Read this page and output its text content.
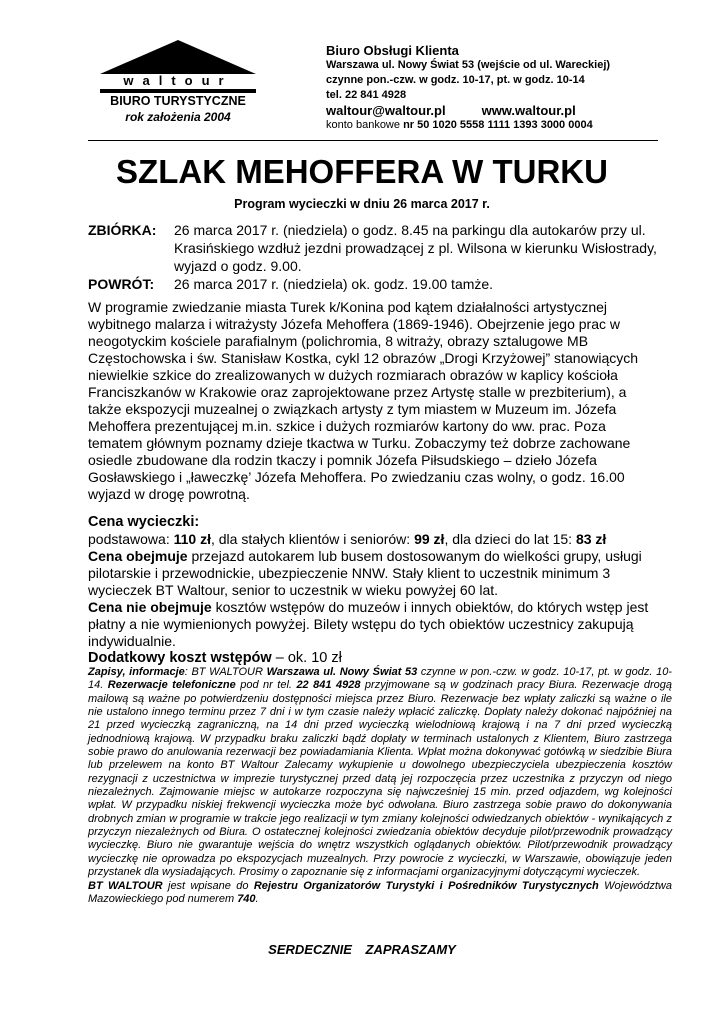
waltour
BIURO TURYSTYCZNE
rok założenia 2004
Biuro Obsługi Klienta
Warszawa ul. Nowy Świat 53 (wejście od ul. Wareckiej)
czynne pon.-czw. w godz. 10-17, pt. w godz. 10-14
tel. 22 841 4928
waltour@waltour.pl	www.waltour.pl
konto bankowe nr 50 1020 5558 1111 1393 3000 0004
SZLAK MEHOFFERA W TURKU
Program wycieczki w dniu 26 marca 2017 r.
ZBIÓRKA:	26 marca 2017 r. (niedziela) o godz. 8.45 na parkingu dla autokarów przy ul. Krasińskiego wzdłuż jezdni prowadzącej z pl. Wilsona w kierunku Wisłostrady, wyjazd o godz. 9.00.
POWRÓT:	26 marca 2017 r. (niedziela) ok. godz. 19.00 tamże.
W programie zwiedzanie miasta Turek k/Konina pod kątem działalności artystycznej wybitnego malarza i witrażysty Józefa Mehoffera (1869-1946). Obejrzenie jego prac w neogotyckim kościele parafialnym (polichromia, 8 witraży, obrazy sztalugowe MB Częstochowska i św. Stanisław Kostka, cykl 12 obrazów „Drogi Krzyżowej” stanowiących niewielkie szkice do zrealizowanych w dużych rozmiarach obrazów w kaplicy kościoła Franciszkanów w Krakowie oraz zaprojektowane przez Artystę stalle w prezbiterium), a także ekspozycji muzealnej o związkach artysty z tym miastem w Muzeum im. Józefa Mehoffera prezentującej m.in. szkice i dużych rozmiarów kartony do ww. prac. Poza tematem głównym poznamy dzieje tkactwa w Turku. Zobaczymy też dobrze zachowane osiedle zbudowane dla rodzin tkaczy i pomnik Józefa Piłsudskiego – dzieło Józefa Gosławskiego i „ławeczkę’ Józefa Mehoffera. Po zwiedzaniu czas wolny, o godz. 16.00 wyjazd w drogę powrotną.
Cena wycieczki:
podstawowa: 110 zł, dla stałych klientów i seniorów: 99 zł, dla dzieci do lat 15: 83 zł
Cena obejmuje przejazd autokarem lub busem dostosowanym do wielkości grupy, usługi pilotarskie i przewodnickie, ubezpieczenie NNW. Stały klient to uczestnik minimum 3 wycieczek BT Waltour, senior to uczestnik w wieku powyżej 60 lat.
Cena nie obejmuje kosztów wstępów do muzeów i innych obiektów, do których wstęp jest płatny a nie wymienionych powyżej. Bilety wstępu do tych obiektów uczestnicy zakupują indywidualnie.
Dodatkowy koszt wstępów – ok. 10 zł
Zapisy, informacje: BT WALTOUR Warszawa ul. Nowy Świat 53 czynne w pon.-czw. w godz. 10-17, pt. w godz. 10-14. Rezerwacje telefoniczne pod nr tel. 22 841 4928 przyjmowane są w godzinach pracy Biura. Rezerwacje drogą mailową są ważne po potwierdzeniu dostępności miejsca przez Biuro. Rezerwacje bez wpłaty zaliczki są ważne o ile nie ustalono innego terminu przez 7 dni i w tym czasie należy wpłacić zaliczkę. Dopłaty należy dokonać najpóźniej na 21 przed wycieczką zagraniczną, na 14 dni przed wycieczką wielodniową krajową i na 7 dni przed wycieczką jednodniową krajową. W przypadku braku zaliczki bądź dopłaty w terminach ustalonych z Klientem, Biuro zastrzega sobie prawo do anulowania rezerwacji bez powiadamiania Klienta. Wpłat można dokonywać gotówką w siedzibie Biura lub przelewem na konto BT Waltour Zalecamy wykupienie u dowolnego ubezpieczyciela ubezpieczenia kosztów rezygnacji z uczestnictwa w imprezie turystycznej przed datą jej rozpoczęcia przez uczestnika z przyczyn od niego niezależnych. Zajmowanie miejsc w autokarze rozpoczyna się najwcześniej 15 min. przed odjazdem, wg kolejności wpłat. W przypadku niskiej frekwencji wycieczka może być odwołana. Biuro zastrzega sobie prawo do dokonywania drobnych zmian w programie w trakcie jego realizacji w tym zmiany kolejności odwiedzanych obiektów - wynikających z przyczyn niezależnych od Biura. O ostatecznej kolejności zwiedzania obiektów decyduje pilot/przewodnik prowadzący wycieczkę. Biuro nie gwarantuje wejścia do wnętrz wszystkich oglądanych obiektów. Pilot/przewodnik prowadzący wycieczkę nie oprowadza po ekspozycjach muzealnych. Przy powrocie z wycieczki, w Warszawie, obowiązuje jeden przystanek dla wysiadających. Prosimy o zapoznanie się z informacjami organizacyjnymi dotyczącymi wycieczek.
BT WALTOUR jest wpisane do Rejestru Organizatorów Turystyki i Pośredników Turystycznych Województwa Mazowieckiego pod numerem 740.
SERDECZNIE ZAPRASZAMY
